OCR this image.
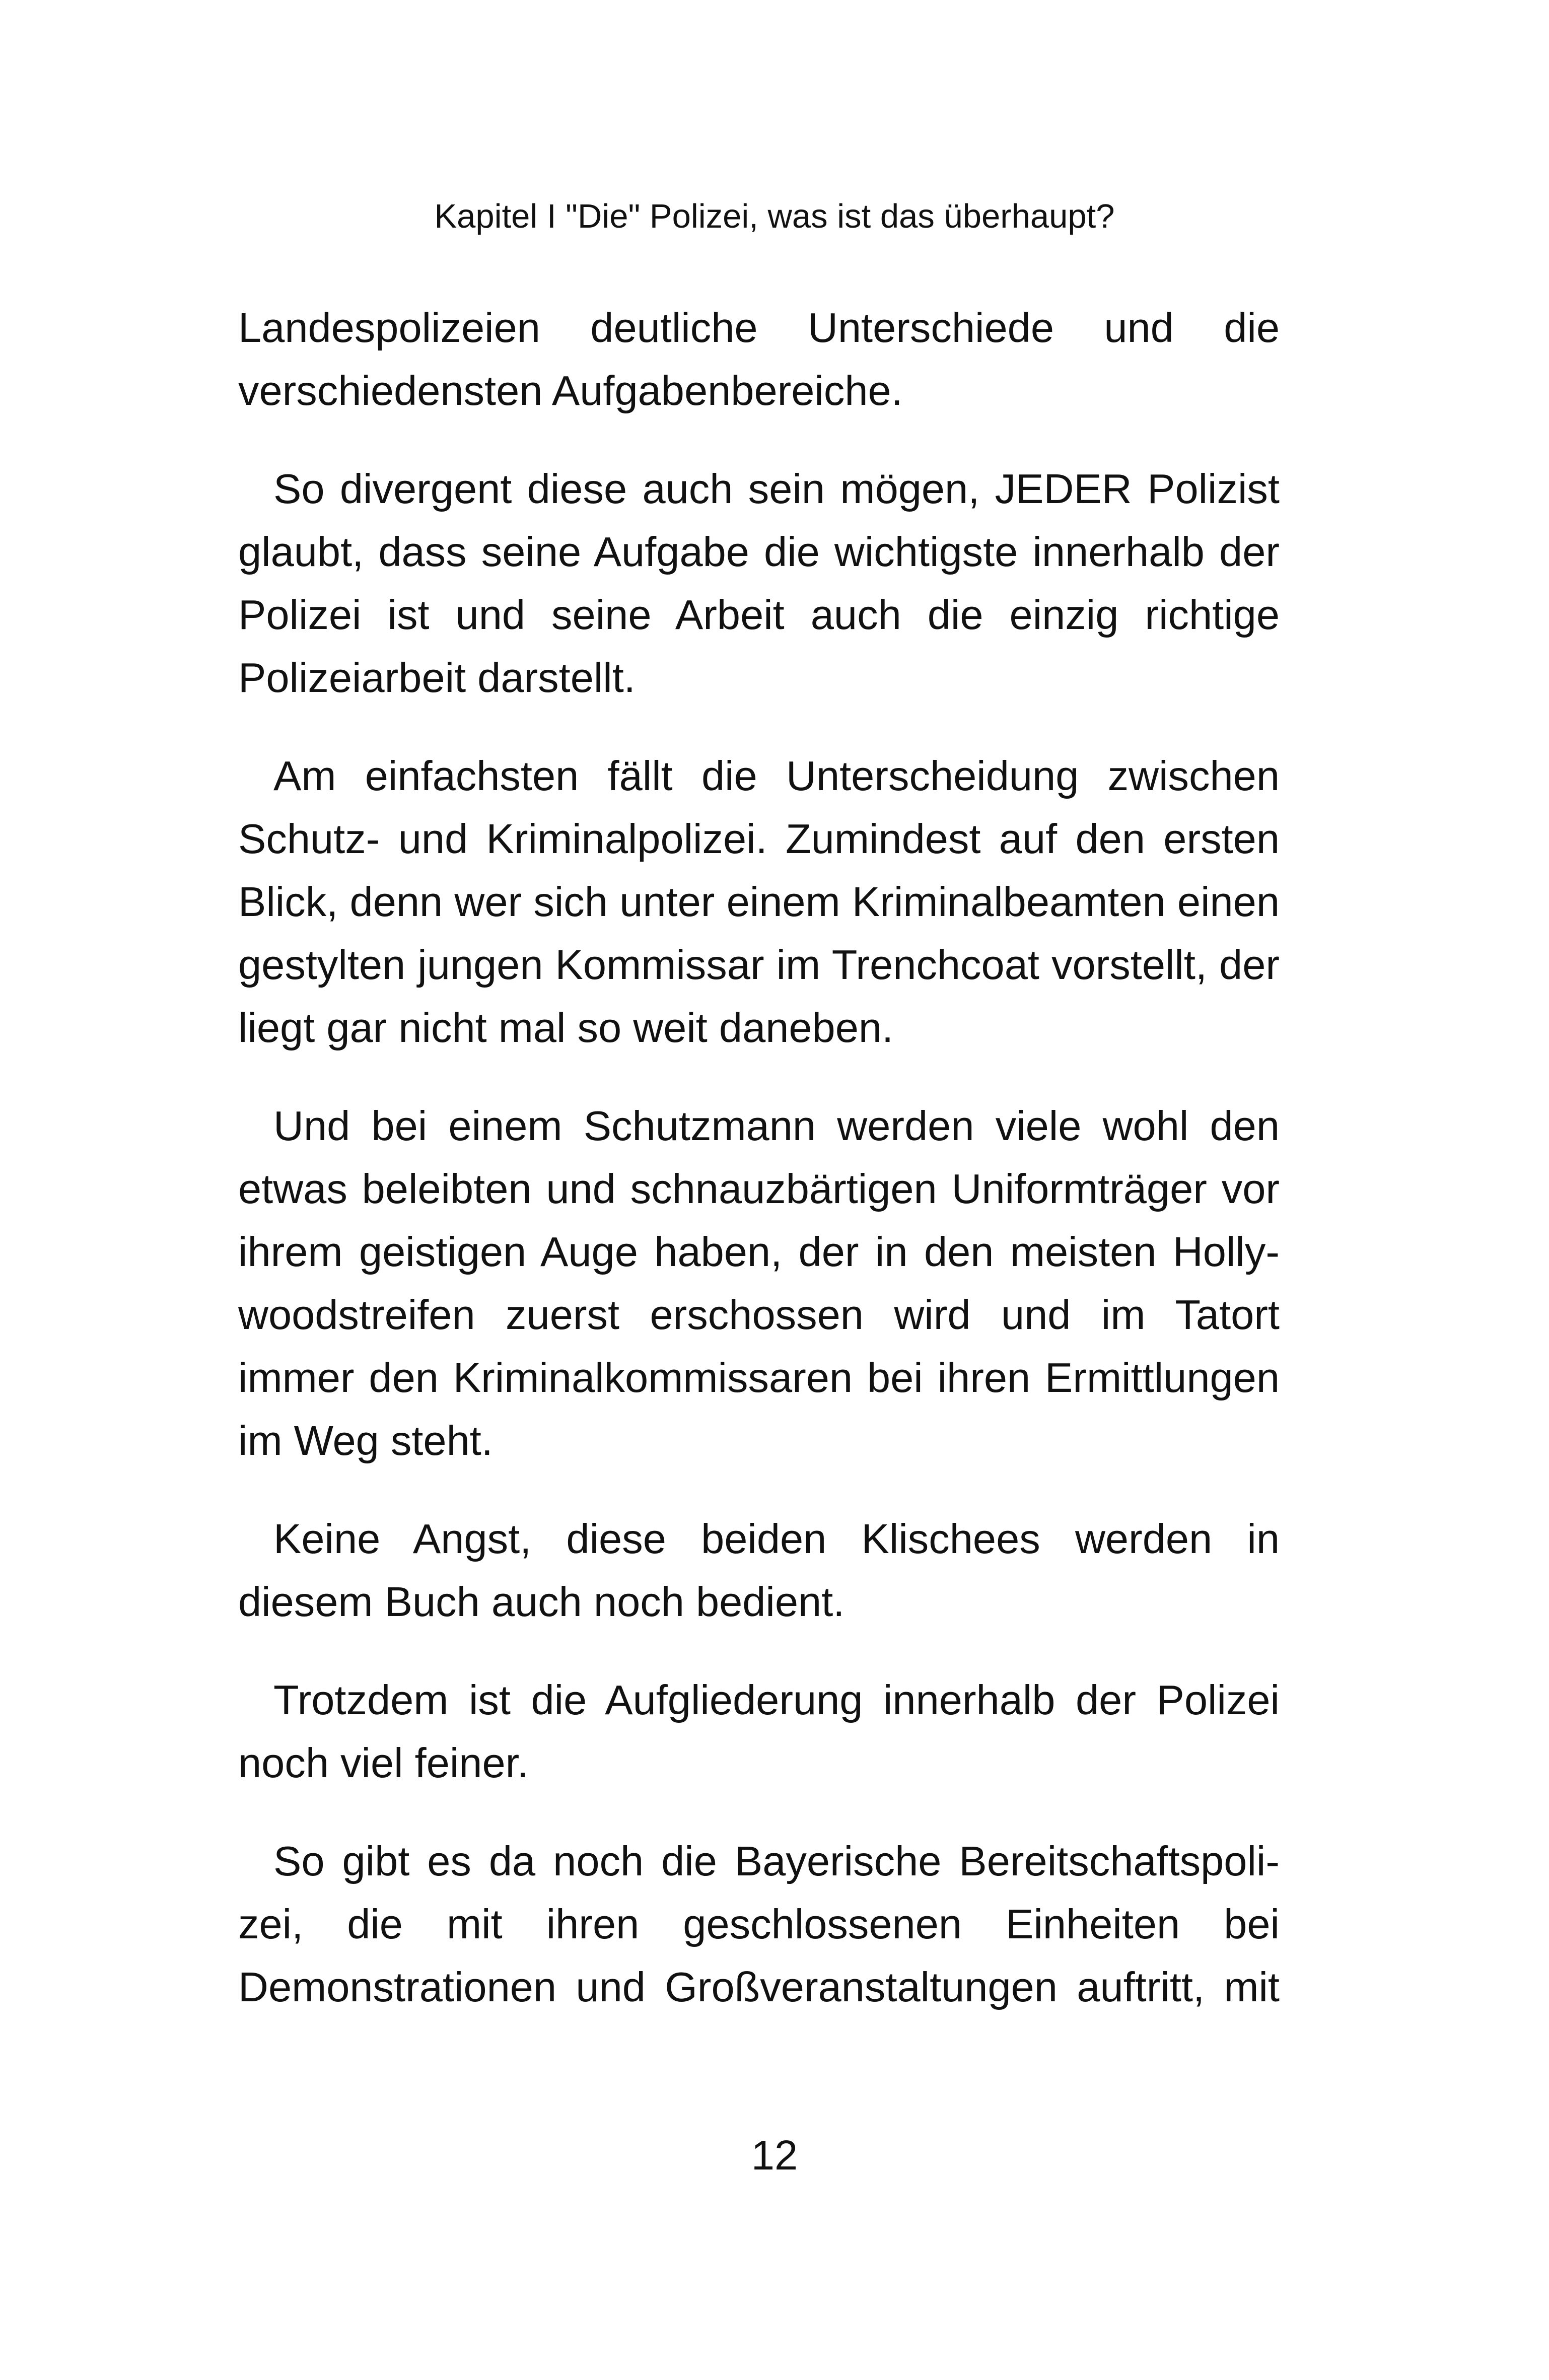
Kapitel I "Die" Polizei, was ist das überhaupt?
Landespolizeien deutliche Unterschiede und die
verschiedensten Aufgabenbereiche.
So divergent diese auch sein mögen, JEDER Polizist
glaubt, dass seine Aufgabe die wichtigste innerhalb der
Polizei ist und seine Arbeit auch die einzig richtige
Polizeiarbeit darstellt.
Am einfachsten fällt die Unterscheidung zwischen
Schutz- und Kriminalpolizei. Zumindest auf den ersten
Blick, denn wer sich unter einem Kriminalbeamten einen
gestylten jungen Kommissar im Trenchcoat vorstellt, der
liegt gar nicht mal so weit daneben.
Und bei einem Schutzmann werden viele wohl den
etwas beleibten und schnauzbärtigen Uniformträger vor
ihrem geistigen Auge haben, der in den meisten Holly-
woodstreifen zuerst erschossen wird und im Tatort
immer den Kriminalkommissaren bei ihren Ermittlungen
im Weg steht.
Keine Angst, diese beiden Klischees werden in
diesem Buch auch noch bedient.
Trotzdem ist die Aufgliederung innerhalb der Polizei
noch viel feiner.
So gibt es da noch die Bayerische Bereitschaftspoli-
zei, die mit ihren geschlossenen Einheiten bei
Demonstrationen und Großveranstaltungen auftritt, mit
12
